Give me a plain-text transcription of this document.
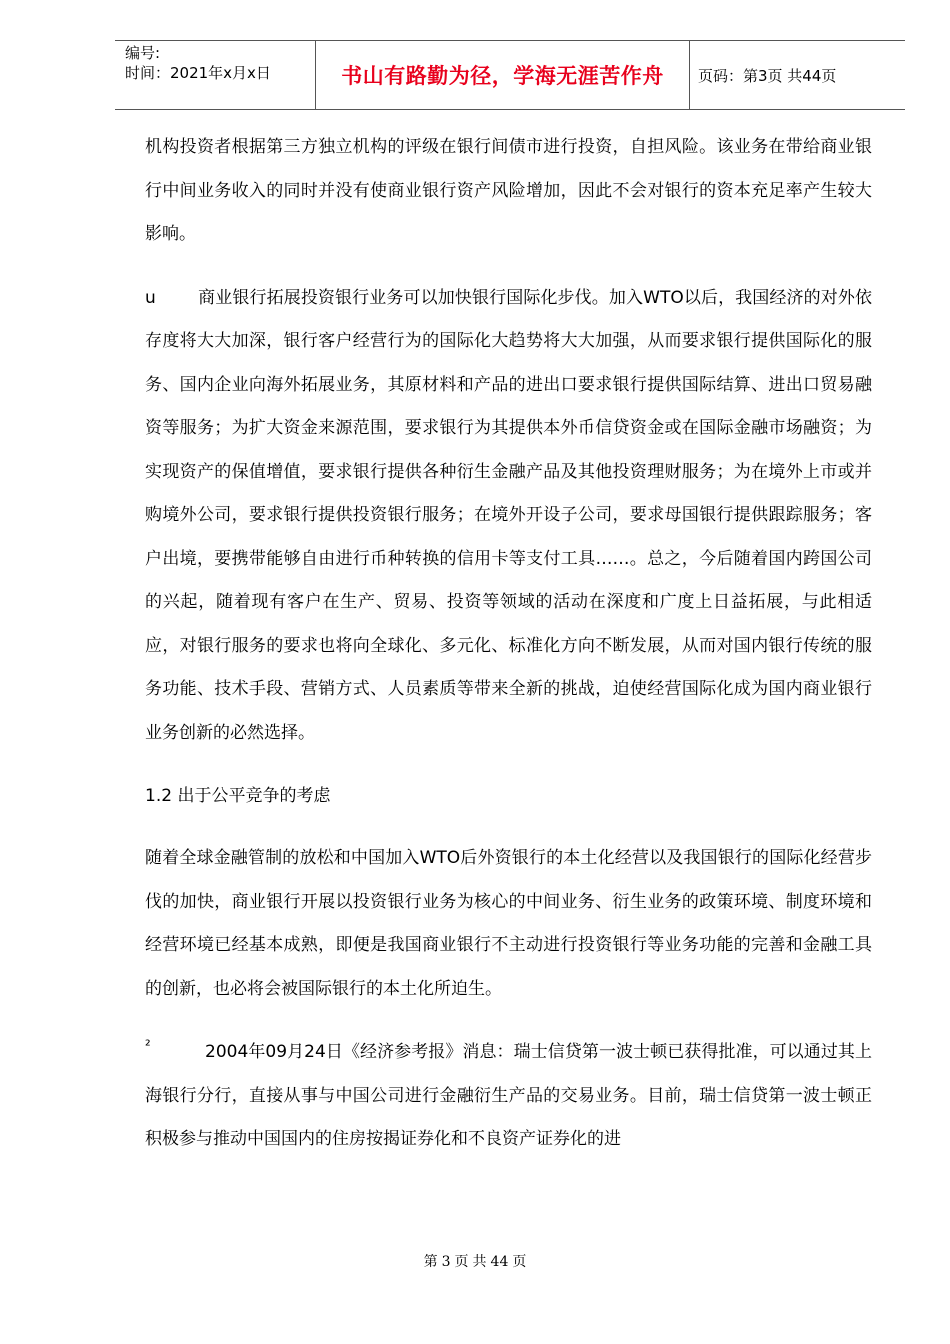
编号:
时间：2021年x月x日	书山有路勤为径，学海无涯苦作舟	页码：第3页 共44页

机构投资者根据第三方独立机构的评级在银行间债市进行投资，自担风险。该业务在带给商业银行中间业务收入的同时并没有使商业银行资产风险增加，因此不会对银行的资本充足率产生较大影响。

u 商业银行拓展投资银行业务可以加快银行国际化步伐。加入WTO以后，我国经济的对外依存度将大大加深，银行客户经营行为的国际化大趋势将大大加强，从而要求银行提供国际化的服务、国内企业向海外拓展业务，其原材料和产品的进出口要求银行提供国际结算、进出口贸易融资等服务；为扩大资金来源范围，要求银行为其提供本外币信贷资金或在国际金融市场融资；为实现资产的保值增值，要求银行提供各种衍生金融产品及其他投资理财服务；为在境外上市或并购境外公司，要求银行提供投资银行服务；在境外开设子公司，要求母国银行提供跟踪服务；客户出境，要携带能够自由进行币种转换的信用卡等支付工具……。总之，今后随着国内跨国公司的兴起，随着现有客户在生产、贸易、投资等领域的活动在深度和广度上日益拓展，与此相适应，对银行服务的要求也将向全球化、多元化、标准化方向不断发展，从而对国内银行传统的服务功能、技术手段、营销方式、人员素质等带来全新的挑战，迫使经营国际化成为国内商业银行业务创新的必然选择。

1.2 出于公平竞争的考虑

随着全球金融管制的放松和中国加入WTO后外资银行的本土化经营以及我国银行的国际化经营步伐的加快，商业银行开展以投资银行业务为核心的中间业务、衍生业务的政策环境、制度环境和经营环境已经基本成熟，即便是我国商业银行不主动进行投资银行等业务功能的完善和金融工具的创新，也必将会被国际银行的本土化所迫生。

²	2004年09月24日《经济参考报》消息：瑞士信贷第一波士顿已获得批准，可以通过其上海银行分行，直接从事与中国公司进行金融衍生产品的交易业务。目前，瑞士信贷第一波士顿正积极参与推动中国国内的住房按揭证券化和不良资产证券化的进

第 3 页 共 44 页
